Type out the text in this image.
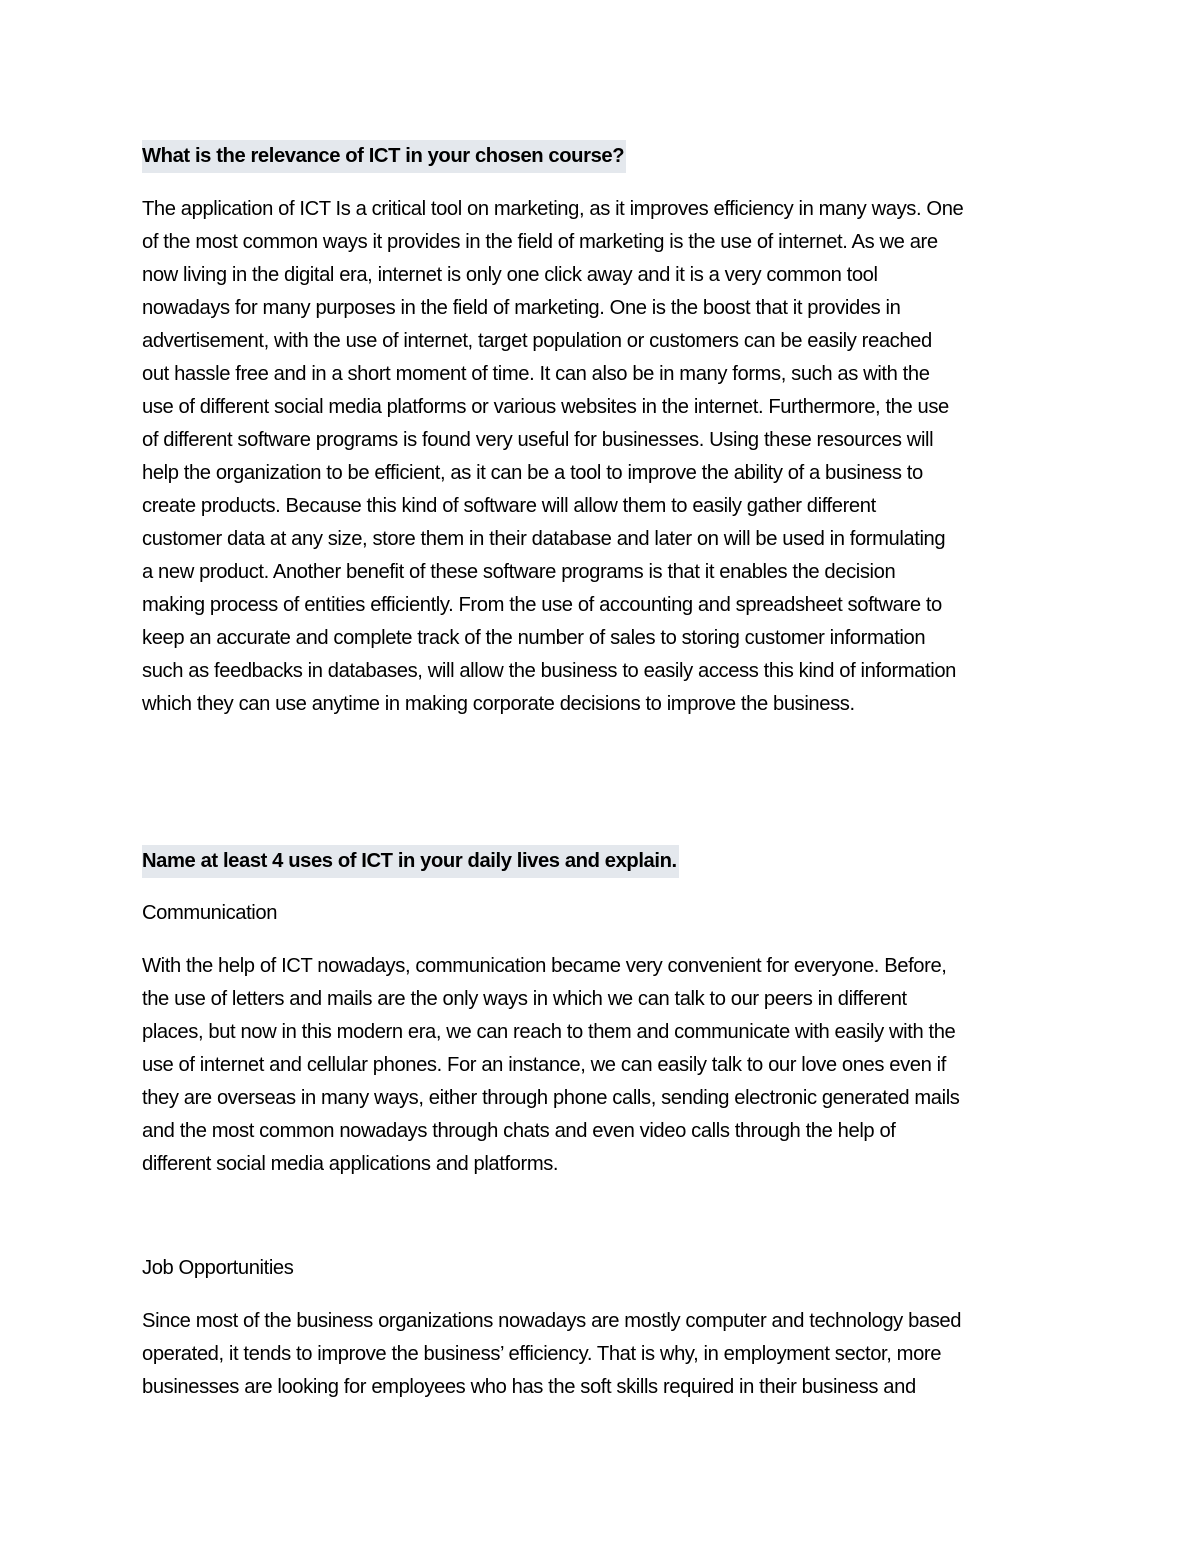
What is the relevance of ICT in your chosen course?
The application of ICT Is a critical tool on marketing, as it improves efficiency in many ways. One
of the most common ways it provides in the field of marketing is the use of internet. As we are
now living in the digital era, internet is only one click away and it is a very common tool
nowadays for many purposes in the field of marketing. One is the boost that it provides in
advertisement, with the use of internet, target population or customers can be easily reached
out hassle free and in a short moment of time. It can also be in many forms, such as with the
use of different social media platforms or various websites in the internet. Furthermore, the use
of different software programs is found very useful for businesses. Using these resources will
help the organization to be efficient, as it can be a tool to improve the ability of a business to
create products. Because this kind of software will allow them to easily gather different
customer data at any size, store them in their database and later on will be used in formulating
a new product. Another benefit of these software programs is that it enables the decision
making process of entities efficiently. From the use of accounting and spreadsheet software to
keep an accurate and complete track of the number of sales to storing customer information
such as feedbacks in databases, will allow the business to easily access this kind of information
which they can use anytime in making corporate decisions to improve the business.
Name at least 4 uses of ICT in your daily lives and explain.
Communication
With the help of ICT nowadays, communication became very convenient for everyone. Before,
the use of letters and mails are the only ways in which we can talk to our peers in different
places, but now in this modern era, we can reach to them and communicate with easily with the
use of internet and cellular phones. For an instance, we can easily talk to our love ones even if
they are overseas in many ways, either through phone calls, sending electronic generated mails
and the most common nowadays through chats and even video calls through the help of
different social media applications and platforms.
Job Opportunities
Since most of the business organizations nowadays are mostly computer and technology based
operated, it tends to improve the business’ efficiency. That is why, in employment sector, more
businesses are looking for employees who has the soft skills required in their business and
